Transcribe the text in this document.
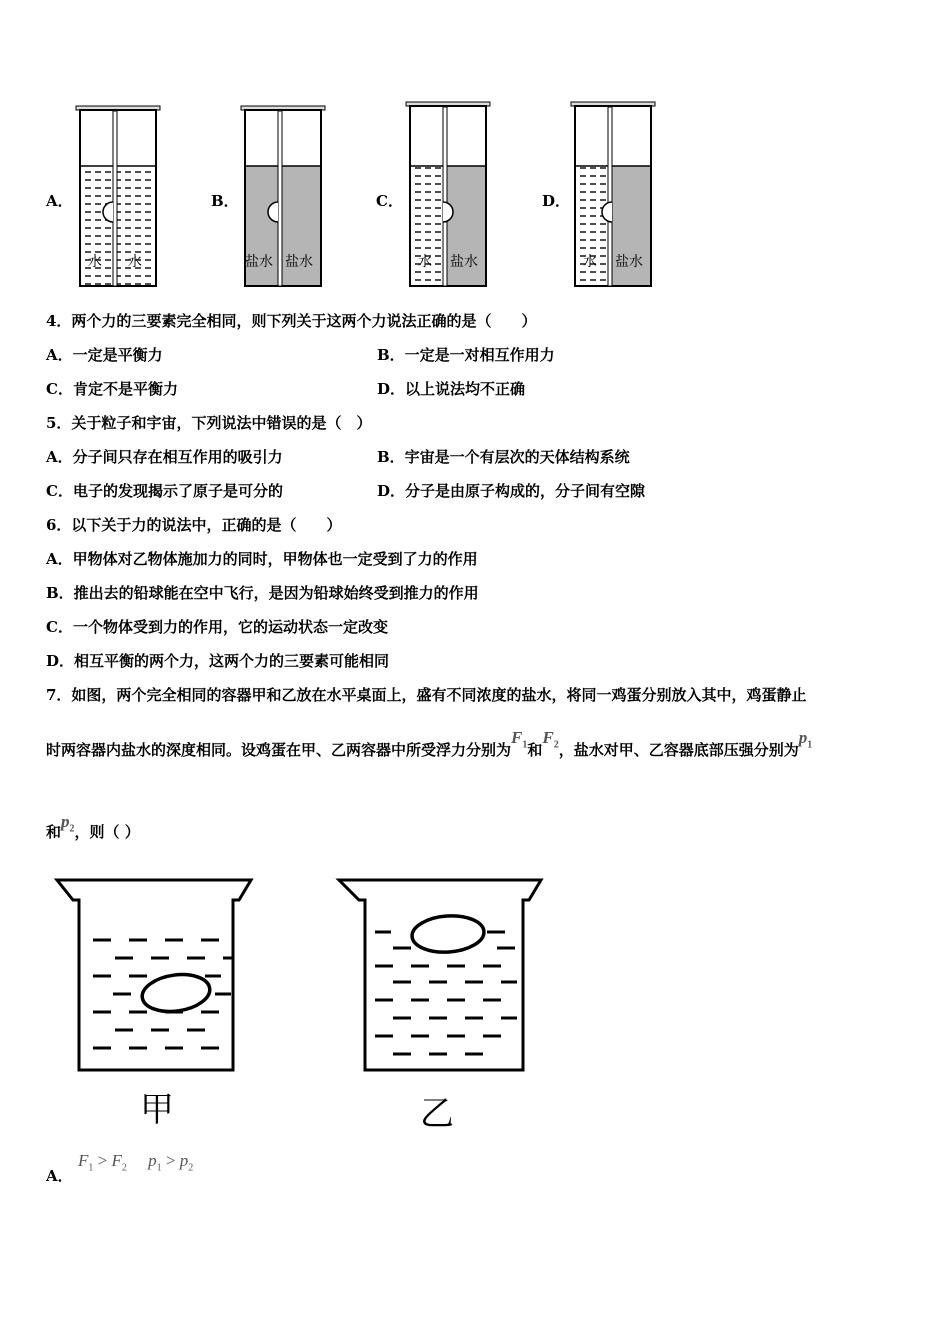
A．	B．	C．	D．
水 水	盐水 盐水	水 盐水	水 盐水
4．两个力的三要素完全相同，则下列关于这两个力说法正确的是（　　）
A．一定是平衡力	B．一定是一对相互作用力
C．肯定不是平衡力	D．以上说法均不正确
5．关于粒子和宇宙，下列说法中错误的是（　）
A．分子间只存在相互作用的吸引力	B．宇宙是一个有层次的天体结构系统
C．电子的发现揭示了原子是可分的	D．分子是由原子构成的，分子间有空隙
6．以下关于力的说法中，正确的是（　　）
A．甲物体对乙物体施加力的同时，甲物体也一定受到了力的作用
B．推出去的铅球能在空中飞行，是因为铅球始终受到推力的作用
C．一个物体受到力的作用，它的运动状态一定改变
D．相互平衡的两个力，这两个力的三要素可能相同
7．如图，两个完全相同的容器甲和乙放在水平桌面上，盛有不同浓度的盐水，将同一鸡蛋分别放入其中，鸡蛋静止
时两容器内盐水的深度相同。设鸡蛋在甲、乙两容器中所受浮力分别为$F_1$和$F_2$，盐水对甲、乙容器底部压强分别为$p_1$
和$p_2$，则（ ）
甲	乙
A．
$F_1 > F_2$ $p_1 > p_2$
